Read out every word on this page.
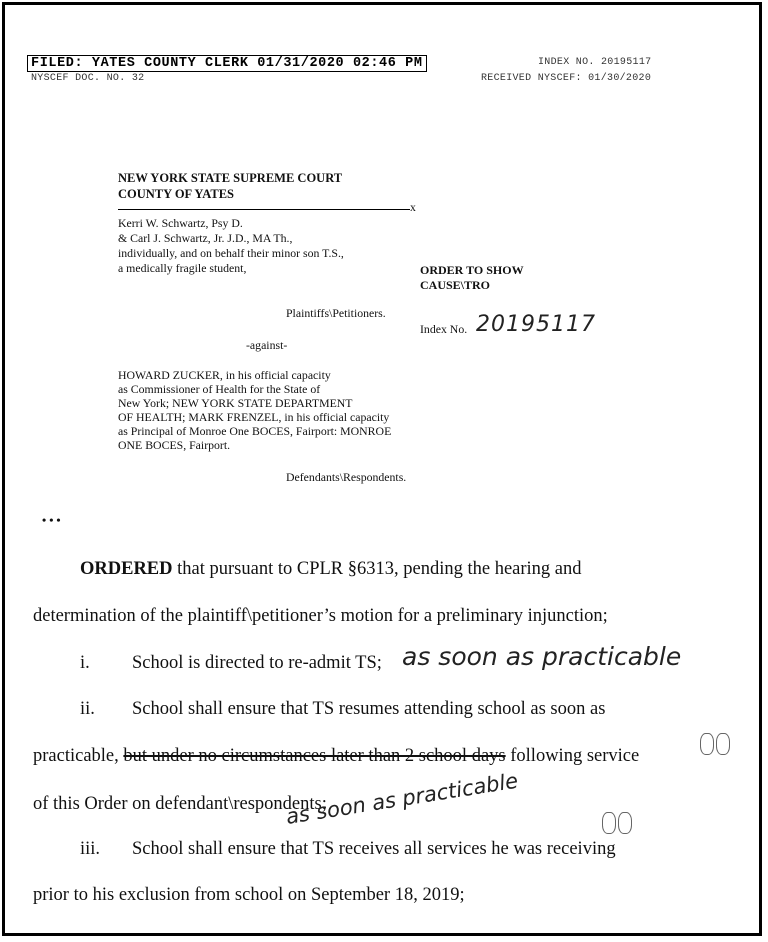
FILED: YATES COUNTY CLERK 01/31/2020 02:46 PM	INDEX NO. 20195117
NYSCEF DOC. NO. 32	RECEIVED NYSCEF: 01/30/2020
NEW YORK STATE SUPREME COURT
COUNTY OF YATES
x
Kerri W. Schwartz, Psy D.
& Carl J. Schwartz, Jr. J.D., MA Th.,
individually, and on behalf their minor son T.S.,
a medically fragile student,	ORDER TO SHOW
CAUSE\TRO
Plaintiffs\Petitioners.
Index No. 20195117
-against-
HOWARD ZUCKER, in his official capacity
as Commissioner of Health for the State of
New York; NEW YORK STATE DEPARTMENT
OF HEALTH; MARK FRENZEL, in his official capacity
as Principal of Monroe One BOCES, Fairport: MONROE
ONE BOCES, Fairport.
Defendants\Respondents.
• • •
ORDERED that pursuant to CPLR §6313, pending the hearing and
determination of the plaintiff\petitioner’s motion for a preliminary injunction;
i. School is directed to re-admit TS; as soon as practicable
ii. School shall ensure that TS resumes attending school as soon as
practicable, but under no circumstances later than 2 school days following service
of this Order on defendant\respondents;
as soon as practicable
iii. School shall ensure that TS receives all services he was receiving
prior to his exclusion from school on September 18, 2019;
